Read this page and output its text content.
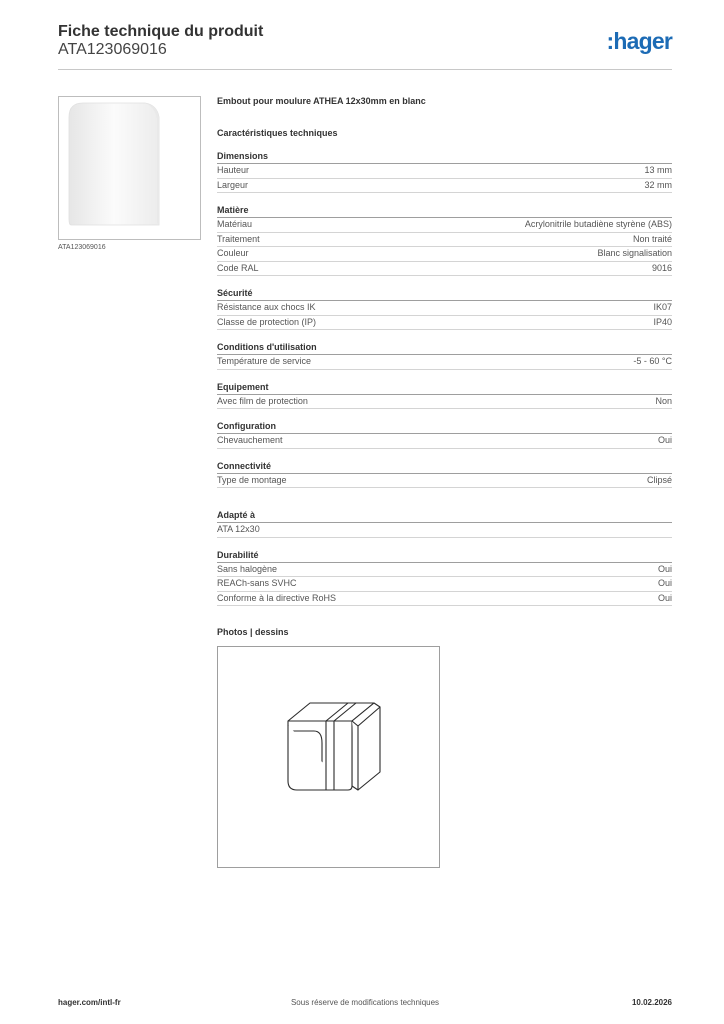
Fiche technique du produit
ATA123069016	:hager
ATA123069016
Embout pour moulure ATHEA 12x30mm en blanc
Caractéristiques techniques
Dimensions
Hauteur	13 mm
Largeur	32 mm
Matière
Matériau	Acrylonitrile butadiène styrène (ABS)
Traitement	Non traité
Couleur	Blanc signalisation
Code RAL	9016
Sécurité
Résistance aux chocs IK	IK07
Classe de protection (IP)	IP40
Conditions d'utilisation
Température de service	-5 - 60 °C
Equipement
Avec film de protection	Non
Configuration
Chevauchement	Oui
Connectivité
Type de montage	Clipsé
Adapté à
ATA 12x30
Durabilité
Sans halogène	Oui
REACh-sans SVHC	Oui
Conforme à la directive RoHS	Oui
Photos | dessins
hager.com/intl-fr	Sous réserve de modifications techniques	10.02.2026
